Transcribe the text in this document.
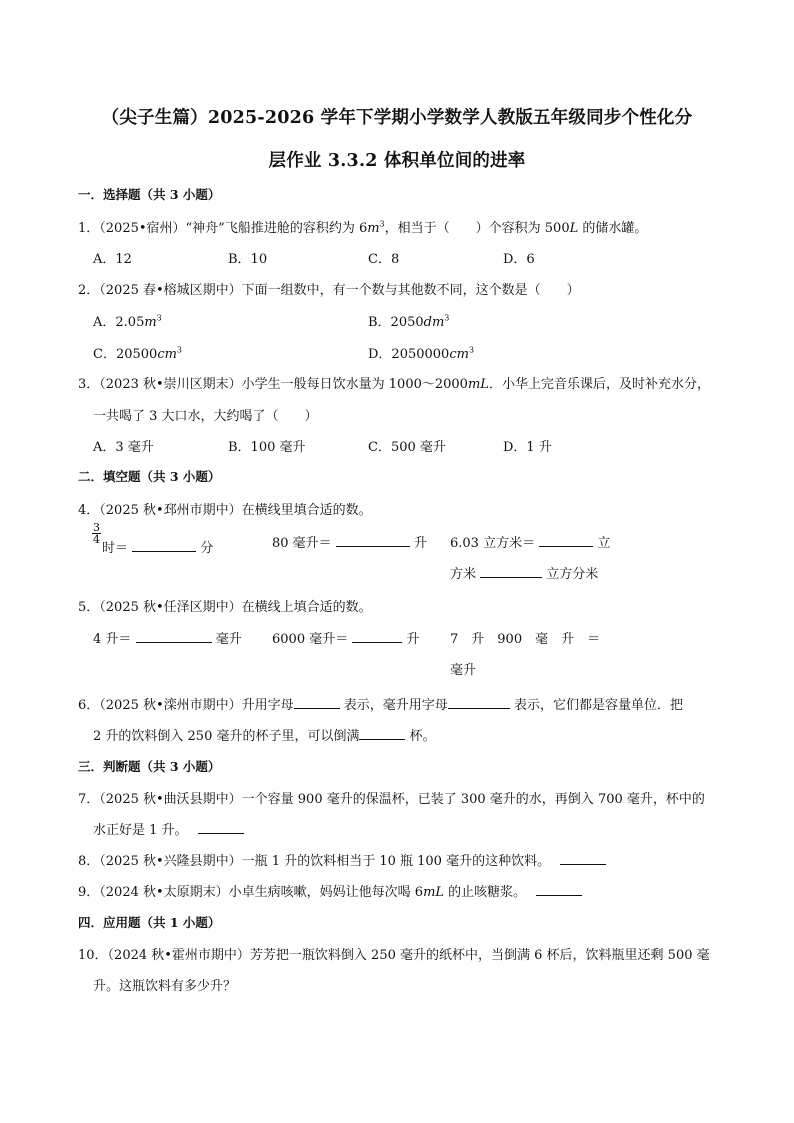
（尖子生篇）2025-2026 学年下学期小学数学人教版五年级同步个性化分
层作业 3.3.2 体积单位间的进率
一．选择题（共 3 小题）
1．（2025•宿州）“神舟”飞船推进舱的容积约为 $6m^3$，相当于（　　）个容积为 500L 的储水罐。
A．12	B．10	C．8	D．6
2．（2025 春•榕城区期中）下面一组数中，有一个数与其他数不同，这个数是（　　）
A．$2.05m^3$	B．$2050dm^3$
C．$20500cm^3$	D．$2050000cm^3$
3．（2023 秋•崇川区期末）小学生一般每日饮水量为 1000～2000mL．小华上完音乐课后，及时补充水分，
一共喝了 3 大口水，大约喝了（　　）
A．3 毫升	B．100 毫升	C．500 毫升	D．1 升
二．填空题（共 3 小题）
4．（2025 秋•邳州市期中）在横线里填合适的数。
$\frac{3}{4}$
时＝	分	80 毫升＝	升 6.03 立方米＝	立
方米	立方分米
5．（2025 秋•任泽区期中）在横线上填合适的数。
4 升＝	毫升 6000 毫升＝	升 7　升　900　毫　升　＝
毫升
6．（2025 秋•滦州市期中）升用字母	表示，毫升用字母	表示，它们都是容量单位．把
2 升的饮料倒入 250 毫升的杯子里，可以倒满	杯。
三．判断题（共 3 小题）
7．（2025 秋•曲沃县期中）一个容量 900 毫升的保温杯，已装了 300 毫升的水，再倒入 700 毫升，杯中的
水正好是 1 升。
8．（2025 秋•兴隆县期中）一瓶 1 升的饮料相当于 10 瓶 100 毫升的这种饮料。
9．（2024 秋•太原期末）小卓生病咳嗽，妈妈让他每次喝 6mL 的止咳糖浆。
四．应用题（共 1 小题）
10．（2024 秋•霍州市期中）芳芳把一瓶饮料倒入 250 毫升的纸杯中，当倒满 6 杯后，饮料瓶里还剩 500 毫
升。这瓶饮料有多少升？
